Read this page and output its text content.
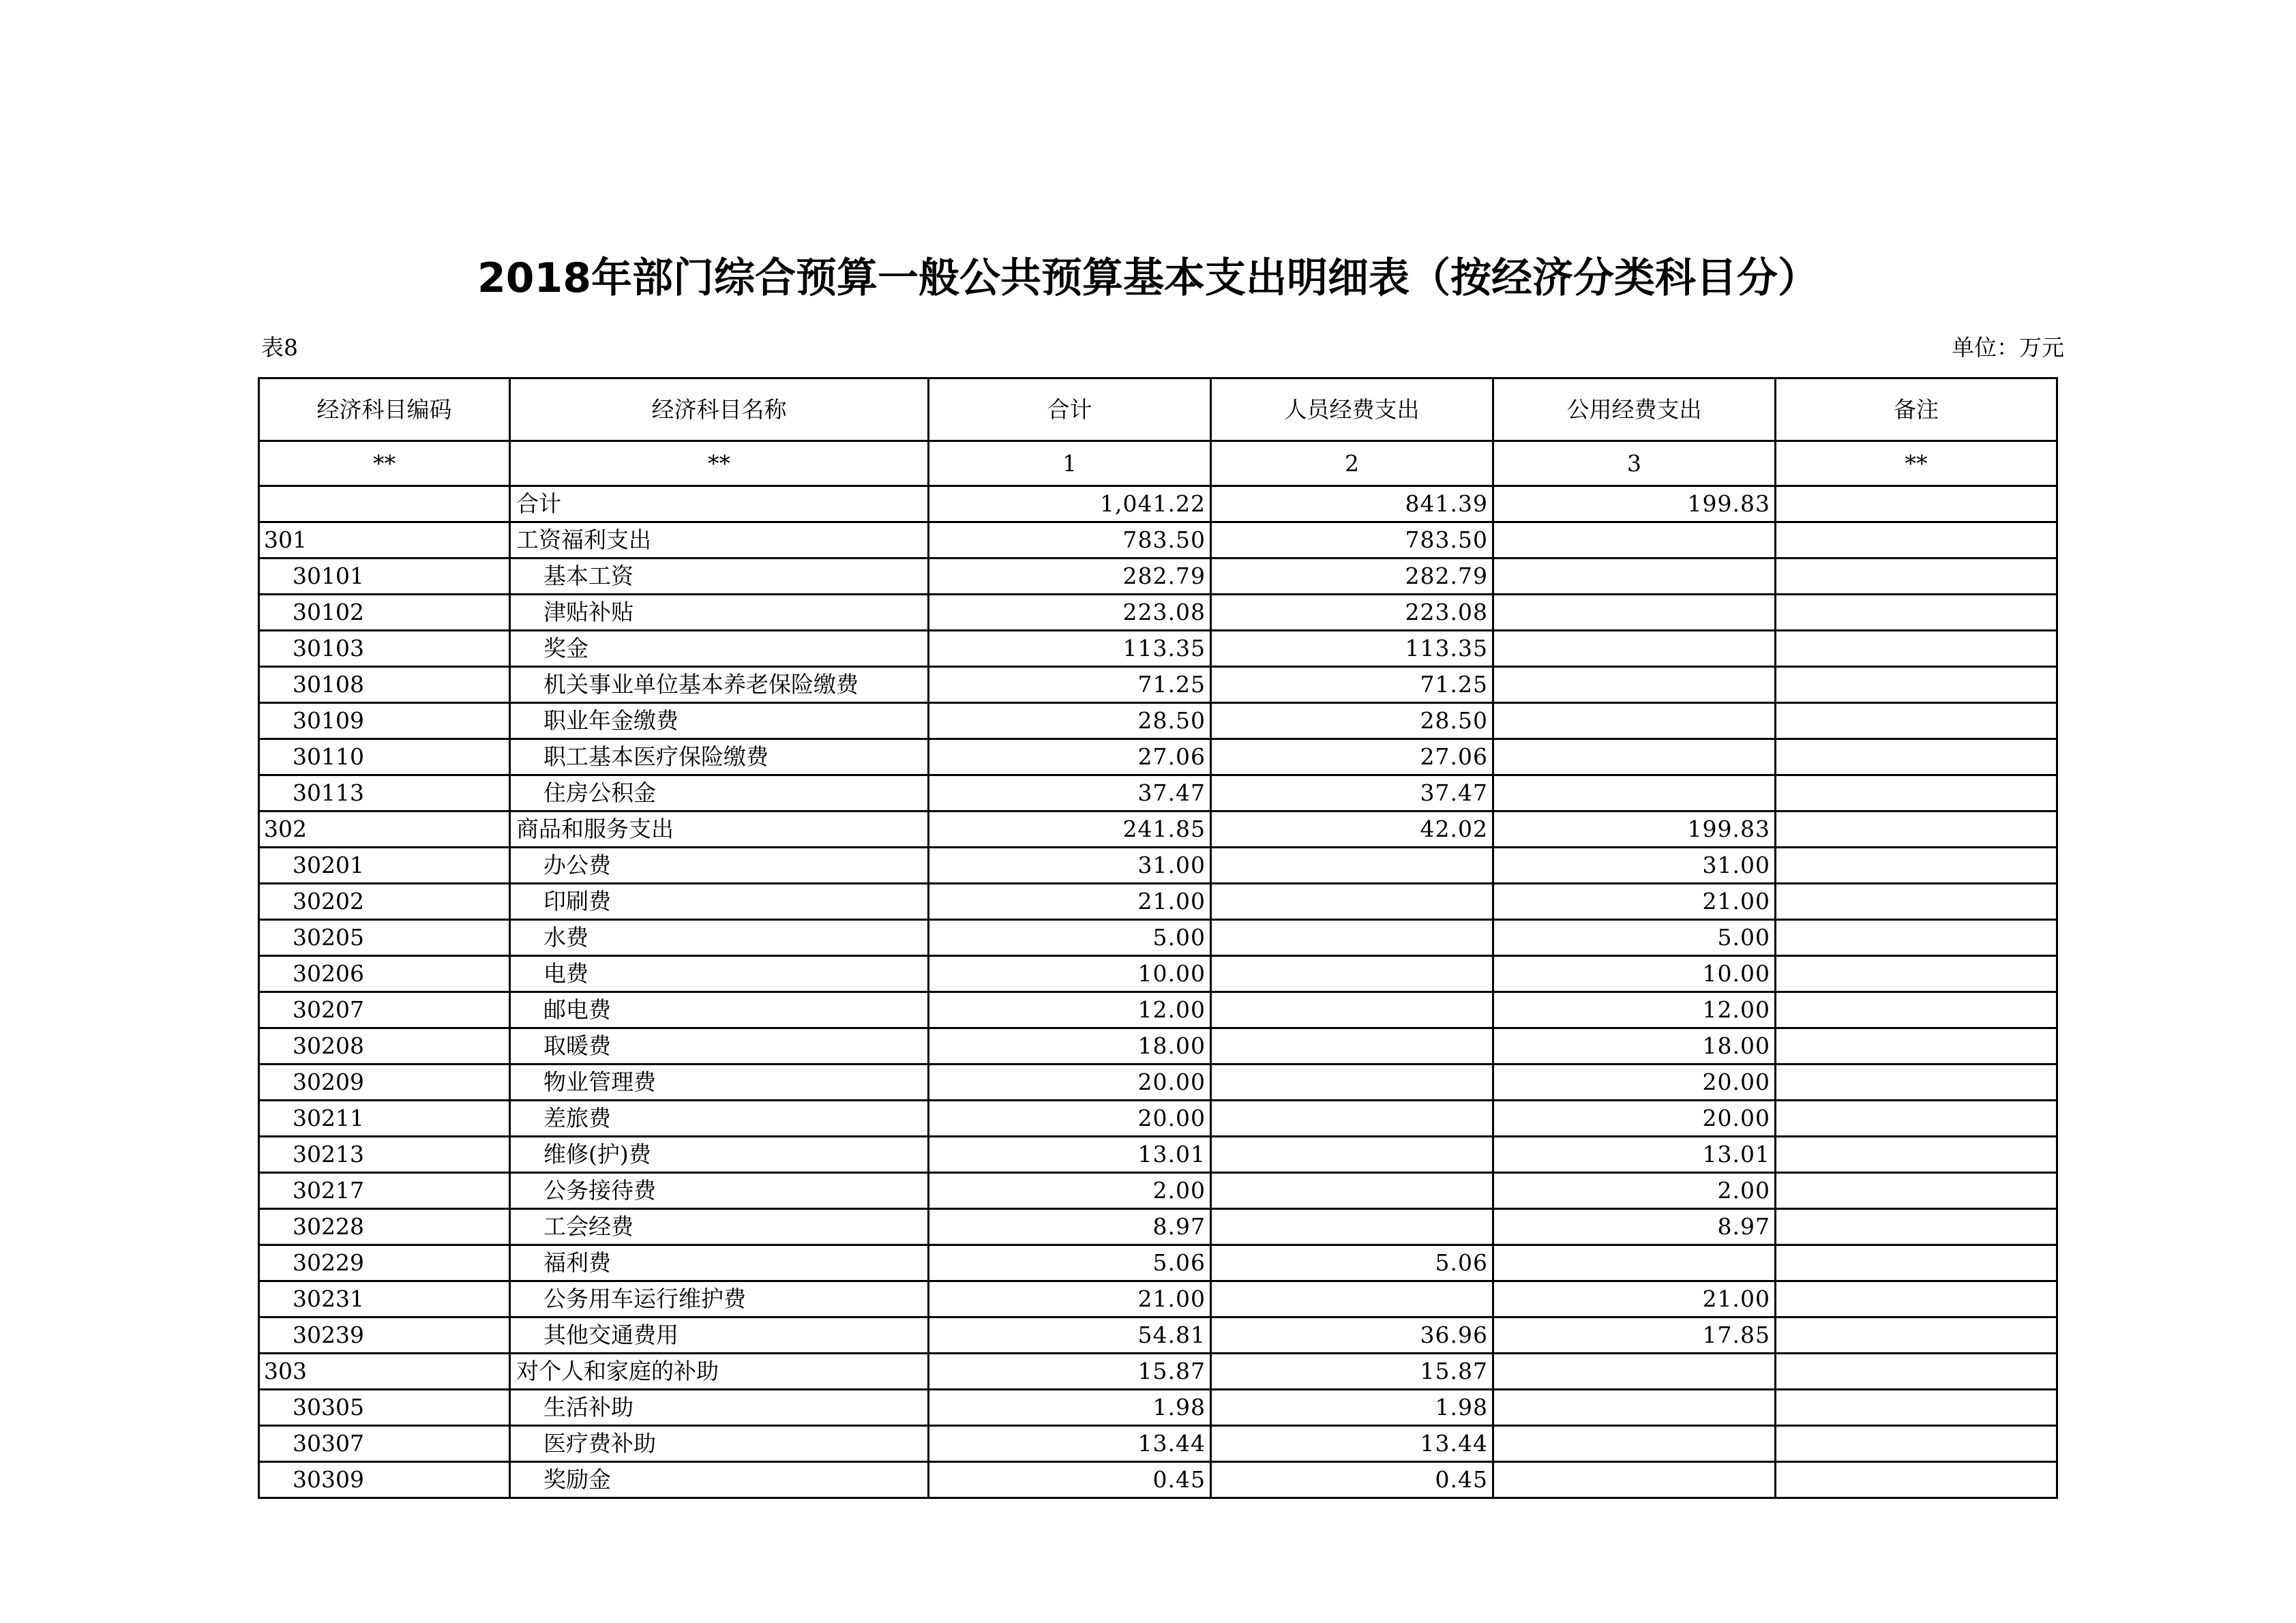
2018年部门综合预算一般公共预算基本支出明细表（按经济分类科目分）
表8	单位：万元
经济科目编码	经济科目名称	合计	人员经费支出	公用经费支出	备注
**	**	1	2	3	**
	合计	1,041.22	841.39	199.83	
301	工资福利支出	783.50	783.50		
30101	基本工资	282.79	282.79		
30102	津贴补贴	223.08	223.08		
30103	奖金	113.35	113.35		
30108	机关事业单位基本养老保险缴费	71.25	71.25		
30109	职业年金缴费	28.50	28.50		
30110	职工基本医疗保险缴费	27.06	27.06		
30113	住房公积金	37.47	37.47		
302	商品和服务支出	241.85	42.02	199.83	
30201	办公费	31.00		31.00	
30202	印刷费	21.00		21.00	
30205	水费	5.00		5.00	
30206	电费	10.00		10.00	
30207	邮电费	12.00		12.00	
30208	取暖费	18.00		18.00	
30209	物业管理费	20.00		20.00	
30211	差旅费	20.00		20.00	
30213	维修(护)费	13.01		13.01	
30217	公务接待费	2.00		2.00	
30228	工会经费	8.97		8.97	
30229	福利费	5.06	5.06		
30231	公务用车运行维护费	21.00		21.00	
30239	其他交通费用	54.81	36.96	17.85	
303	对个人和家庭的补助	15.87	15.87		
30305	生活补助	1.98	1.98		
30307	医疗费补助	13.44	13.44		
30309	奖励金	0.45	0.45		
